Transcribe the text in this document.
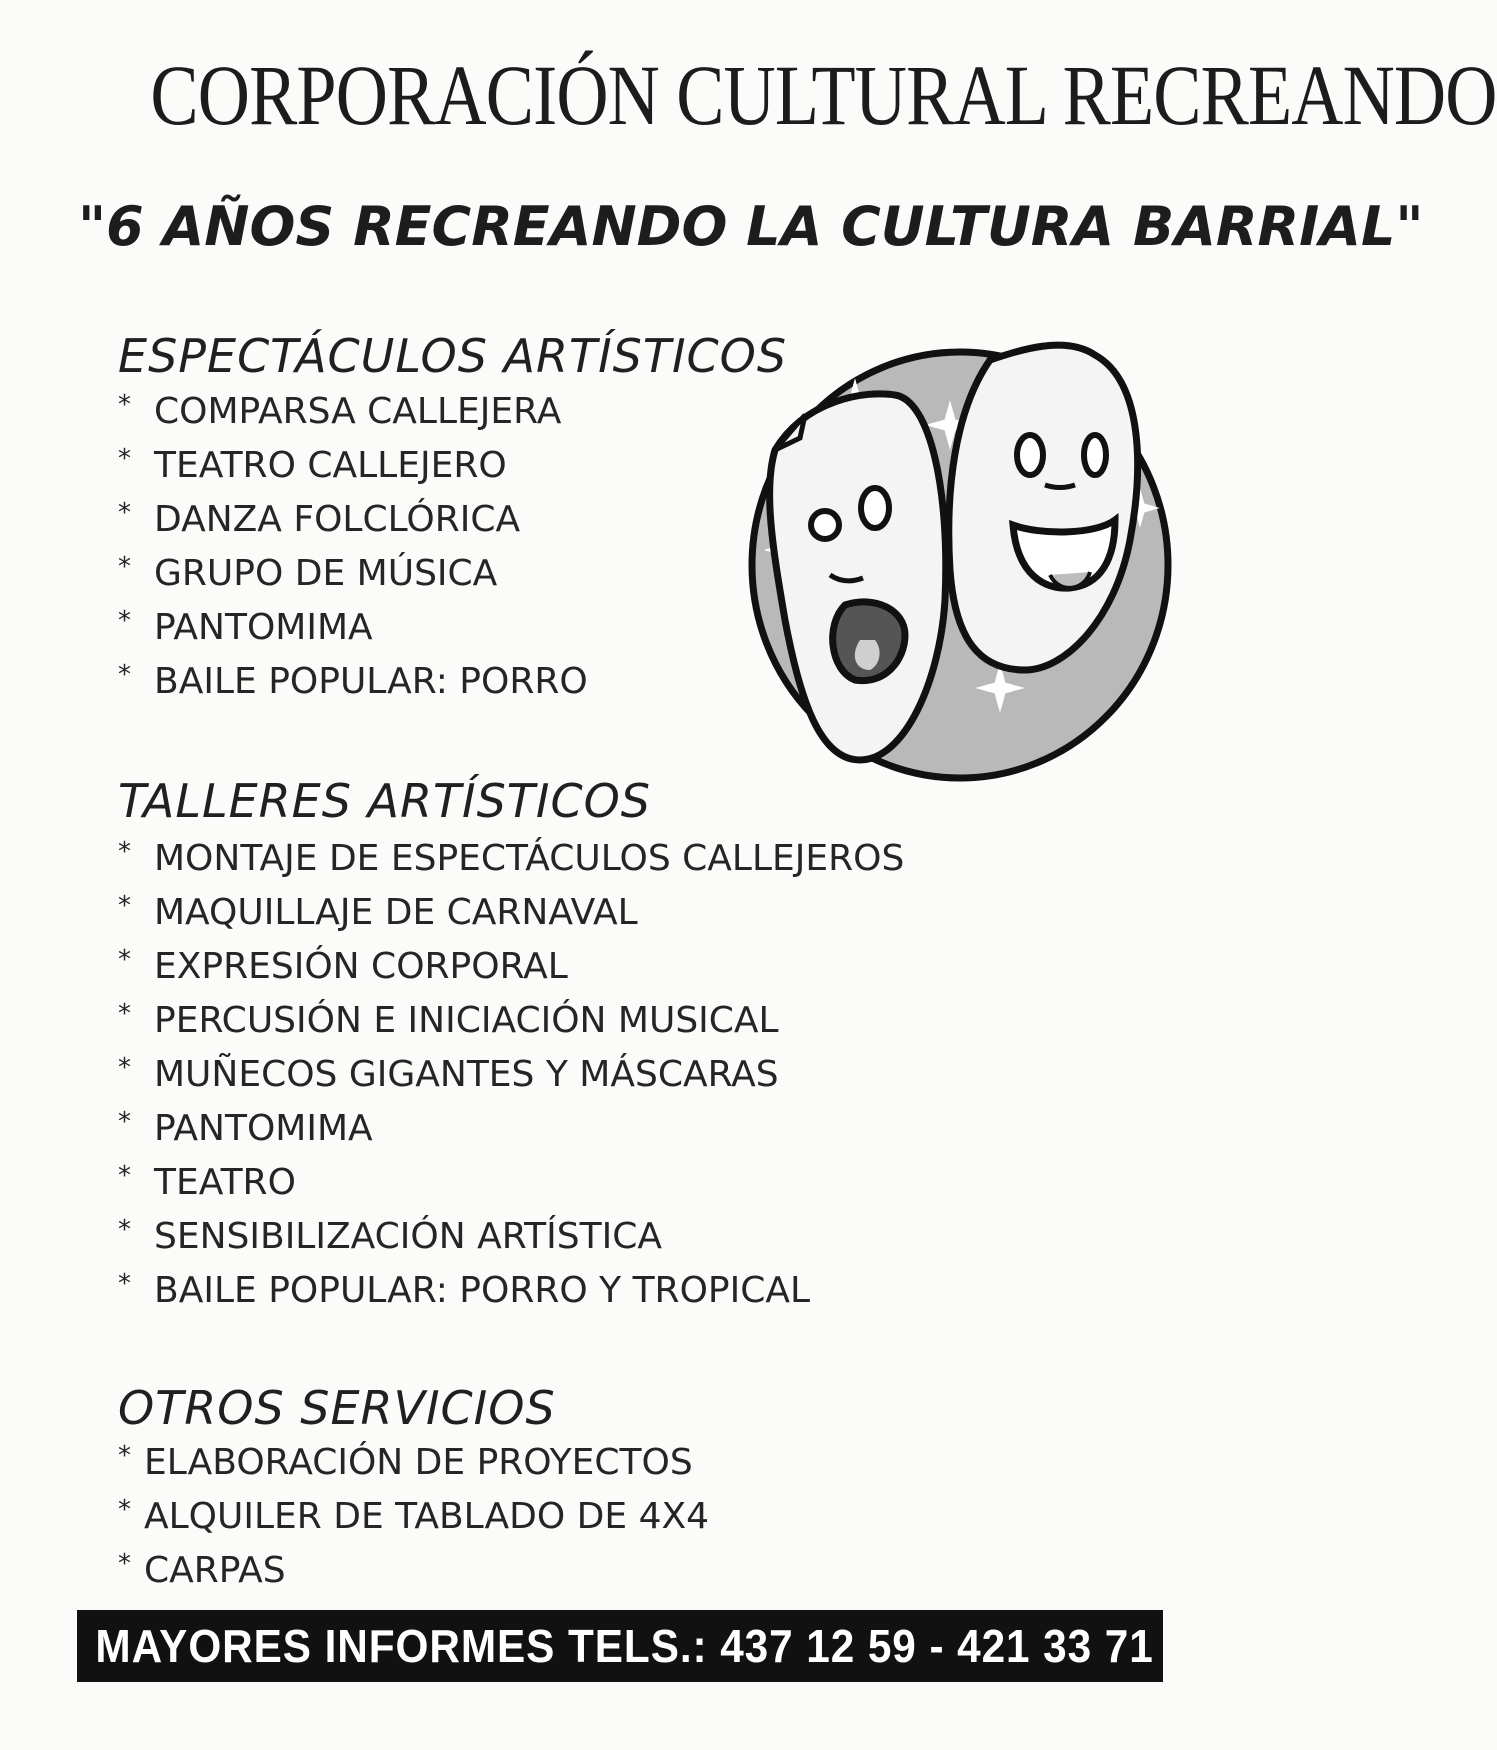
CORPORACIÓN CULTURAL RECREANDO
"6 AÑOS RECREANDO LA CULTURA BARRIAL"
ESPECTÁCULOS ARTÍSTICOS
* COMPARSA CALLEJERA
* TEATRO CALLEJERO
* DANZA FOLCLÓRICA
* GRUPO DE MÚSICA
* PANTOMIMA
* BAILE POPULAR: PORRO
TALLERES ARTÍSTICOS
* MONTAJE DE ESPECTÁCULOS CALLEJEROS
* MAQUILLAJE DE CARNAVAL
* EXPRESIÓN CORPORAL
* PERCUSIÓN E INICIACIÓN MUSICAL
* MUÑECOS GIGANTES Y MÁSCARAS
* PANTOMIMA
* TEATRO
* SENSIBILIZACIÓN ARTÍSTICA
* BAILE POPULAR: PORRO Y TROPICAL
OTROS SERVICIOS
* ELABORACIÓN DE PROYECTOS
* ALQUILER DE TABLADO DE 4X4
* CARPAS
MAYORES INFORMES TELS.: 437 12 59 - 421 33 71
